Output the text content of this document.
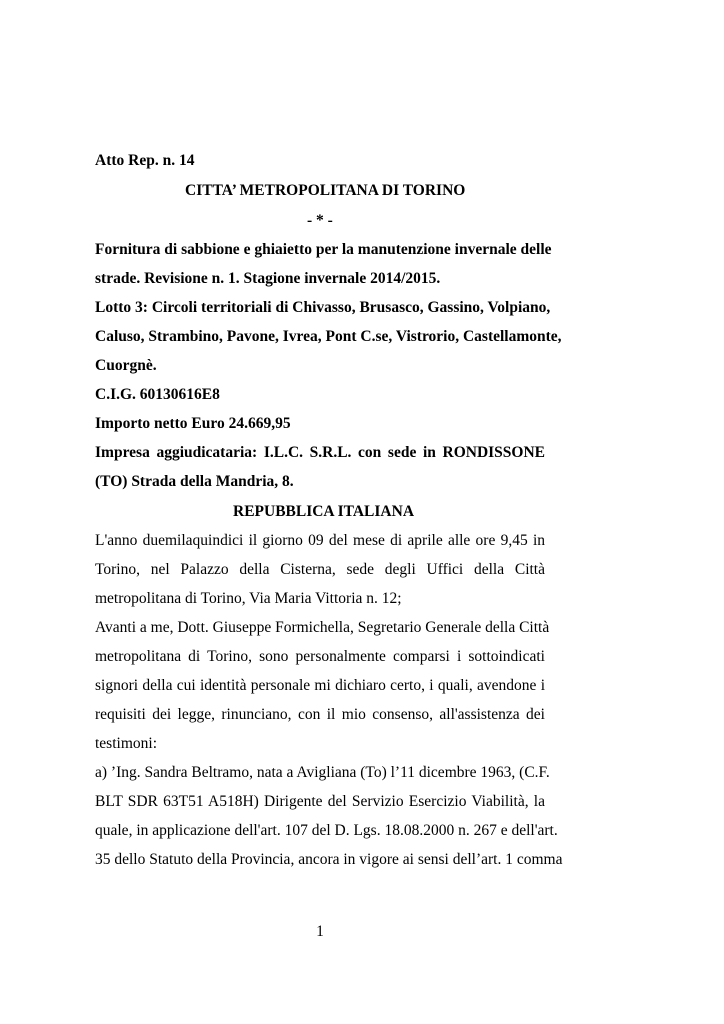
Atto Rep. n. 14
CITTA’ METROPOLITANA DI TORINO
- * -
Fornitura di sabbione e ghiaietto per la manutenzione invernale delle
strade. Revisione n. 1. Stagione invernale 2014/2015.
Lotto 3: Circoli territoriali di Chivasso, Brusasco, Gassino, Volpiano,
Caluso, Strambino, Pavone, Ivrea, Pont C.se, Vistrorio, Castellamonte,
Cuorgnè.
C.I.G. 60130616E8
Importo netto Euro 24.669,95
Impresa aggiudicataria: I.L.C. S.R.L. con sede in RONDISSONE
(TO) Strada della Mandria, 8.
REPUBBLICA ITALIANA
L'anno duemilaquindici il giorno 09 del mese di aprile alle ore 9,45 in
Torino, nel Palazzo della Cisterna, sede degli Uffici della Città
metropolitana di Torino, Via Maria Vittoria n. 12;
Avanti a me, Dott. Giuseppe Formichella, Segretario Generale della Città
metropolitana di Torino, sono personalmente comparsi i sottoindicati
signori della cui identità personale mi dichiaro certo, i quali, avendone i
requisiti dei legge, rinunciano, con il mio consenso, all'assistenza dei
testimoni:
a) ’Ing. Sandra Beltramo, nata a Avigliana (To) l’11 dicembre 1963, (C.F.
BLT SDR 63T51 A518H) Dirigente del Servizio Esercizio Viabilità, la
quale, in applicazione dell'art. 107 del D. Lgs. 18.08.2000 n. 267 e dell'art.
35 dello Statuto della Provincia, ancora in vigore ai sensi dell’art. 1 comma
1
